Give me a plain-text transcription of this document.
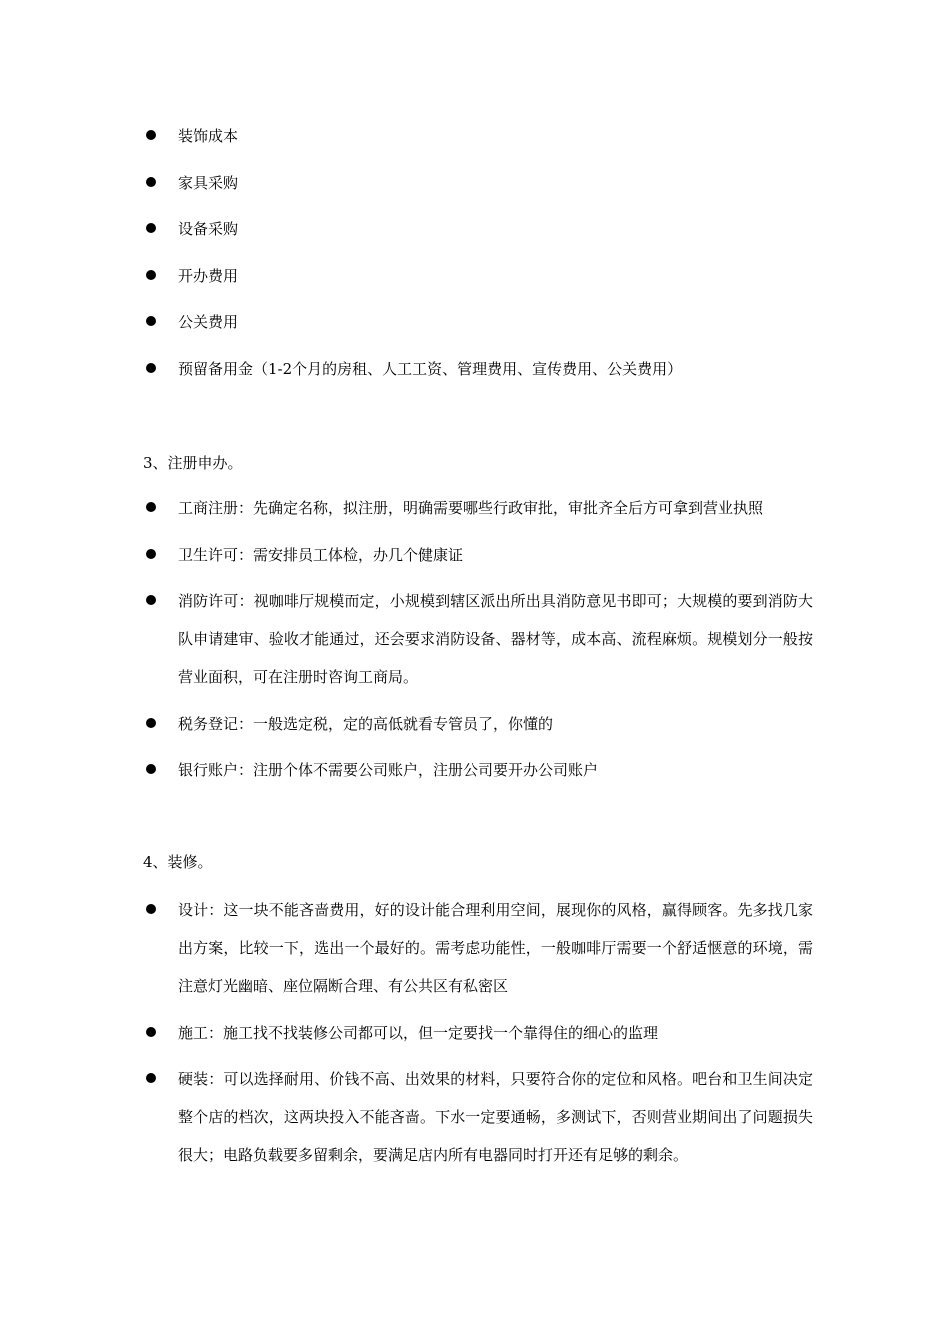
装饰成本
家具采购
设备采购
开办费用
公关费用
预留备用金（1-2个月的房租、人工工资、管理费用、宣传费用、公关费用）
3、注册申办。
工商注册：先确定名称，拟注册，明确需要哪些行政审批，审批齐全后方可拿到营业执照
卫生许可：需安排员工体检，办几个健康证
消防许可：视咖啡厅规模而定，小规模到辖区派出所出具消防意见书即可；大规模的要到消防大队申请建审、验收才能通过，还会要求消防设备、器材等，成本高、流程麻烦。规模划分一般按营业面积，可在注册时咨询工商局。
税务登记：一般选定税，定的高低就看专管员了，你懂的
银行账户：注册个体不需要公司账户，注册公司要开办公司账户
4、装修。
设计：这一块不能吝啬费用，好的设计能合理利用空间，展现你的风格，赢得顾客。先多找几家出方案，比较一下，选出一个最好的。需考虑功能性，一般咖啡厅需要一个舒适惬意的环境，需注意灯光幽暗、座位隔断合理、有公共区有私密区
施工：施工找不找装修公司都可以，但一定要找一个靠得住的细心的监理
硬装：可以选择耐用、价钱不高、出效果的材料，只要符合你的定位和风格。吧台和卫生间决定整个店的档次，这两块投入不能吝啬。下水一定要通畅，多测试下，否则营业期间出了问题损失很大；电路负载要多留剩余，要满足店内所有电器同时打开还有足够的剩余。
